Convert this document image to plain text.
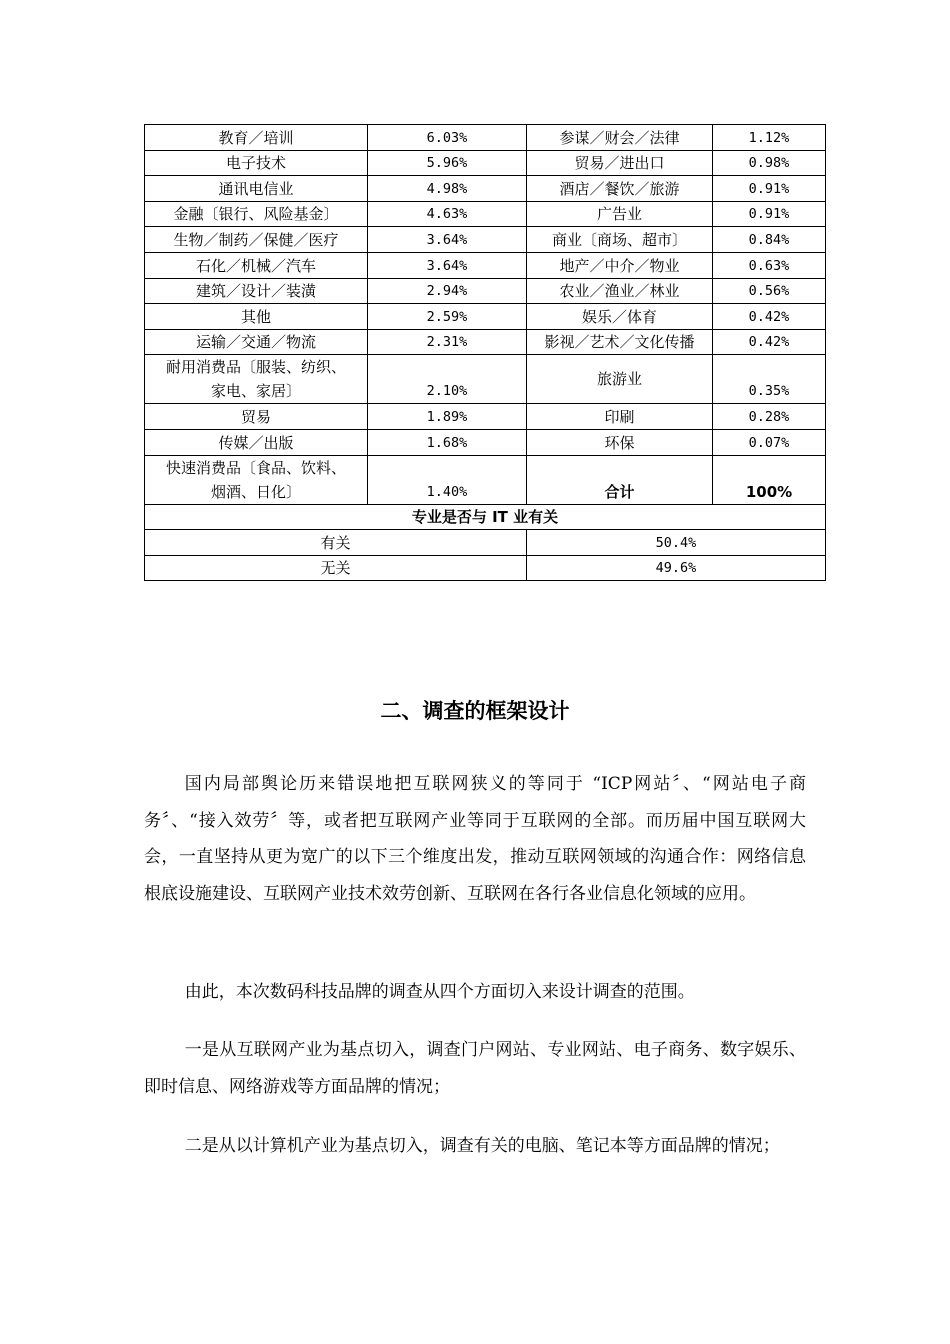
教育／培训	6.03%	参谋／财会／法律	1.12%
电子技术	5.96%	贸易／进出口	0.98%
通讯电信业	4.98%	酒店／餐饮／旅游	0.91%
金融〔银行、风险基金〕	4.63%	广告业	0.91%
生物／制药／保健／医疗	3.64%	商业〔商场、超市〕	0.84%
石化／机械／汽车	3.64%	地产／中介／物业	0.63%
建筑／设计／装潢	2.94%	农业／渔业／林业	0.56%
其他	2.59%	娱乐／体育	0.42%
运输／交通／物流	2.31%	影视／艺术／文化传播	0.42%

耐用消费品〔服装、纺织、
家电、家居〕	2.10%	旅游业	0.35%
贸易	1.89%	印刷	0.28%
传媒／出版	1.68%	环保	0.07%

快速消费品〔食品、饮料、
烟酒、日化〕	1.40%	合计	100%
专业是否与 IT 业有关			
有关		50.4%	
无关		49.6%	
二、调查的框架设计

国内局部舆论历来错误地把互联网狭义的等同于 “ICP网站〞、“网站电子商务〞、“接入效劳〞等，或者把互联网产业等同于互联网的全部。而历届中国互联网大会，一直坚持从更为宽广的以下三个维度出发，推动互联网领域的沟通合作：网络信息根底设施建设、互联网产业技术效劳创新、互联网在各行各业信息化领域的应用。

由此，本次数码科技品牌的调查从四个方面切入来设计调查的范围。

一是从互联网产业为基点切入，调查门户网站、专业网站、电子商务、数字娱乐、即时信息、网络游戏等方面品牌的情况；

二是从以计算机产业为基点切入，调查有关的电脑、笔记本等方面品牌的情况；
